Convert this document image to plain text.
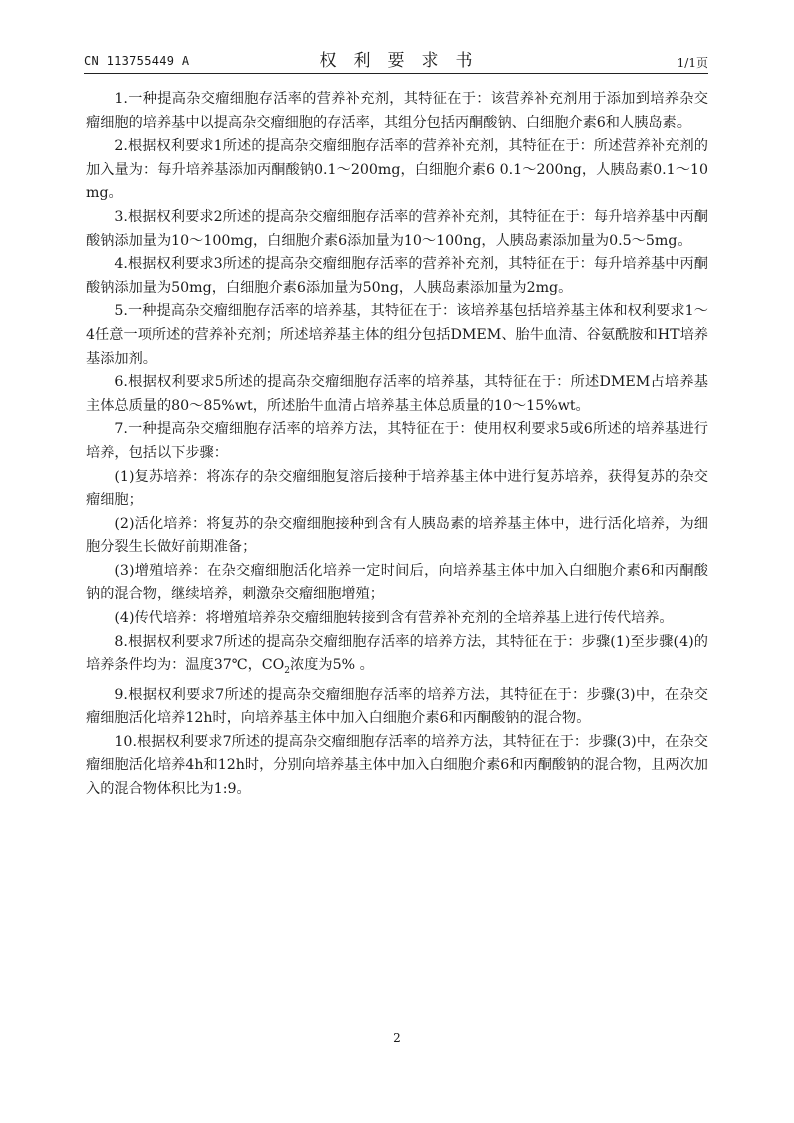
CN 113755449 A	权利要求书	1/1页

1.一种提高杂交瘤细胞存活率的营养补充剂，其特征在于：该营养补充剂用于添加到培养杂交瘤细胞的培养基中以提高杂交瘤细胞的存活率，其组分包括丙酮酸钠、白细胞介素6和人胰岛素。

2.根据权利要求1所述的提高杂交瘤细胞存活率的营养补充剂，其特征在于：所述营养补充剂的加入量为：每升培养基添加丙酮酸钠0.1～200mg，白细胞介素6 0.1～200ng，人胰岛素0.1～10mg。

3.根据权利要求2所述的提高杂交瘤细胞存活率的营养补充剂，其特征在于：每升培养基中丙酮酸钠添加量为10～100mg，白细胞介素6添加量为10～100ng，人胰岛素添加量为0.5～5mg。

4.根据权利要求3所述的提高杂交瘤细胞存活率的营养补充剂，其特征在于：每升培养基中丙酮酸钠添加量为50mg，白细胞介素6添加量为50ng，人胰岛素添加量为2mg。

5.一种提高杂交瘤细胞存活率的培养基，其特征在于：该培养基包括培养基主体和权利要求1～4任意一项所述的营养补充剂；所述培养基主体的组分包括DMEM、胎牛血清、谷氨酰胺和HT培养基添加剂。

6.根据权利要求5所述的提高杂交瘤细胞存活率的培养基，其特征在于：所述DMEM占培养基主体总质量的80～85%wt，所述胎牛血清占培养基主体总质量的10～15%wt。

7.一种提高杂交瘤细胞存活率的培养方法，其特征在于：使用权利要求5或6所述的培养基进行培养，包括以下步骤：

(1)复苏培养：将冻存的杂交瘤细胞复溶后接种于培养基主体中进行复苏培养，获得复苏的杂交瘤细胞；

(2)活化培养：将复苏的杂交瘤细胞接种到含有人胰岛素的培养基主体中，进行活化培养，为细胞分裂生长做好前期准备；

(3)增殖培养：在杂交瘤细胞活化培养一定时间后，向培养基主体中加入白细胞介素6和丙酮酸钠的混合物，继续培养，刺激杂交瘤细胞增殖；

(4)传代培养：将增殖培养杂交瘤细胞转接到含有营养补充剂的全培养基上进行传代培养。

8.根据权利要求7所述的提高杂交瘤细胞存活率的培养方法，其特征在于：步骤(1)至步骤(4)的培养条件均为：温度37℃，$CO_2$浓度为5% 。

9.根据权利要求7所述的提高杂交瘤细胞存活率的培养方法，其特征在于：步骤(3)中，在杂交瘤细胞活化培养12h时，向培养基主体中加入白细胞介素6和丙酮酸钠的混合物。

10.根据权利要求7所述的提高杂交瘤细胞存活率的培养方法，其特征在于：步骤(3)中，在杂交瘤细胞活化培养4h和12h时，分别向培养基主体中加入白细胞介素6和丙酮酸钠的混合物，且两次加入的混合物体积比为1:9。

2
